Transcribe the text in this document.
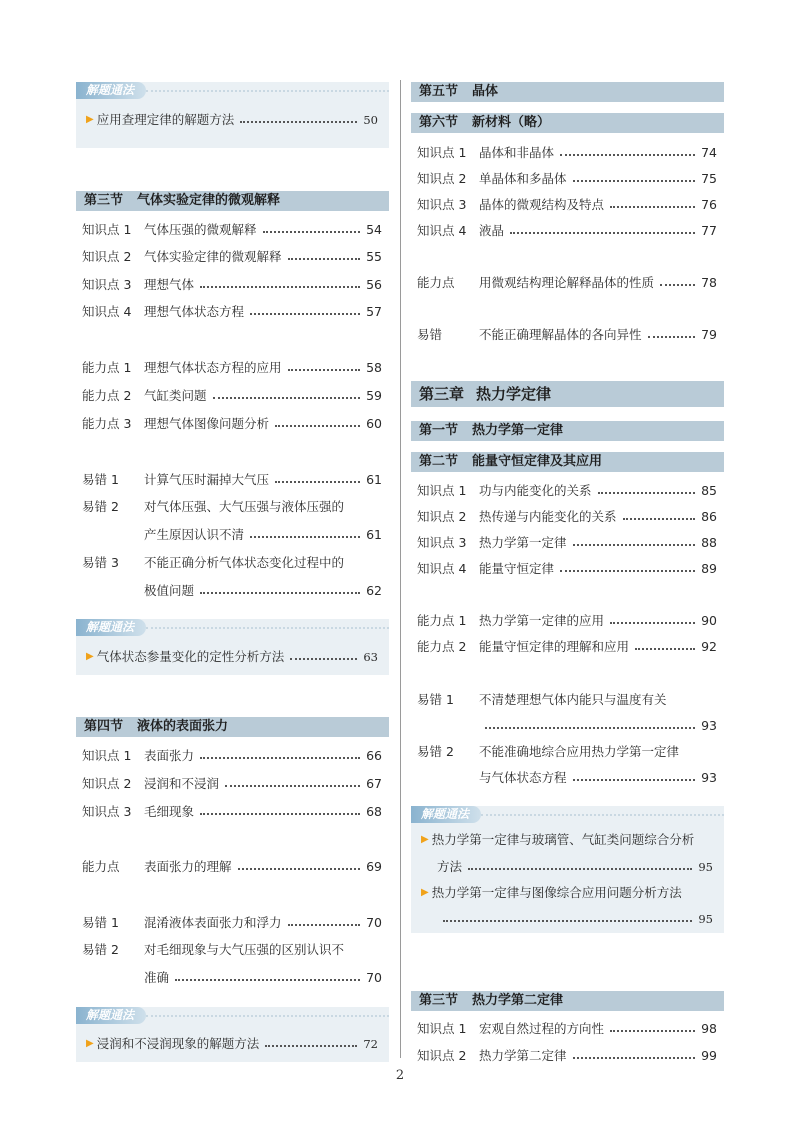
解题通法
▶ 应用查理定律的解题方法	50
第三节 气体实验定律的微观解释
知识点 1	气体压强的微观解释	54
知识点 2	气体实验定律的微观解释	55
知识点 3	理想气体	56
知识点 4	理想气体状态方程	57
能力点 1	理想气体状态方程的应用	58
能力点 2	气缸类问题	59
能力点 3	理想气体图像问题分析	60
易错 1	计算气压时漏掉大气压	61
易错 2	对气体压强、大气压强与液体压强的
产生原因认识不清	61
易错 3	不能正确分析气体状态变化过程中的
极值问题	62
解题通法
▶ 气体状态参量变化的定性分析方法	63
第四节 液体的表面张力
知识点 1	表面张力	66
知识点 2	浸润和不浸润	67
知识点 3	毛细现象	68
能力点	表面张力的理解	69
易错 1	混淆液体表面张力和浮力	70
易错 2	对毛细现象与大气压强的区别认识不
准确	70
解题通法
▶ 浸润和不浸润现象的解题方法	72
第五节 晶体
第六节 新材料（略）
知识点 1	晶体和非晶体	74
知识点 2	单晶体和多晶体	75
知识点 3	晶体的微观结构及特点	76
知识点 4	液晶	77
能力点	用微观结构理论解释晶体的性质	78
易错	不能正确理解晶体的各向异性	79
第三章 热力学定律
第一节 热力学第一定律
第二节 能量守恒定律及其应用
知识点 1	功与内能变化的关系	85
知识点 2	热传递与内能变化的关系	86
知识点 3	热力学第一定律	88
知识点 4	能量守恒定律	89
能力点 1	热力学第一定律的应用	90
能力点 2	能量守恒定律的理解和应用	92
易错 1	不清楚理想气体内能只与温度有关
93
易错 2	不能准确地综合应用热力学第一定律
与气体状态方程	93
解题通法
▶ 热力学第一定律与玻璃管、气缸类问题综合分析
方法	95
▶ 热力学第一定律与图像综合应用问题分析方法
95
第三节 热力学第二定律
知识点 1	宏观自然过程的方向性	98
知识点 2	热力学第二定律	99
2
